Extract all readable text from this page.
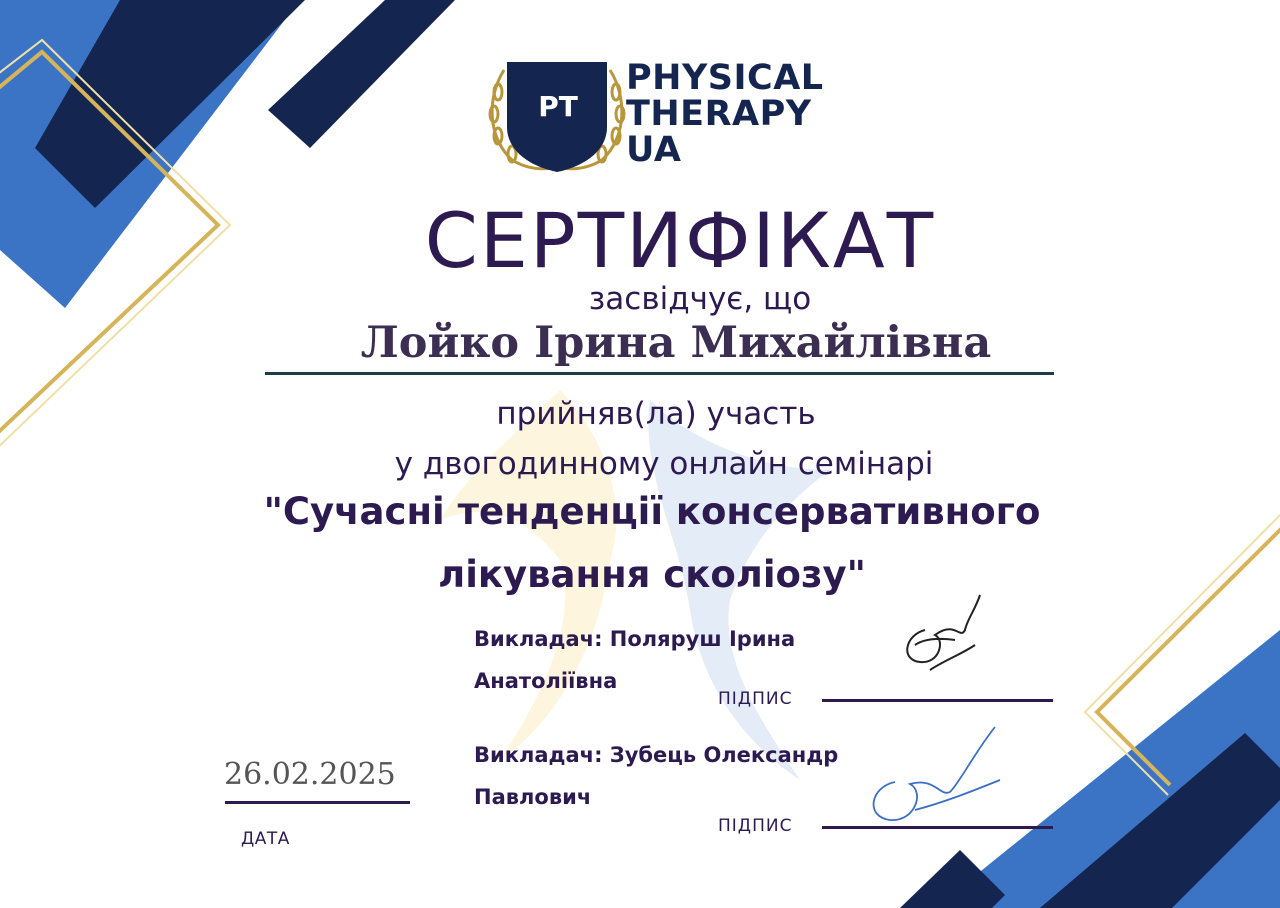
PT
PHYSICAL
THERAPY
UA
СЕРТИФІКАТ
засвідчує, що
Лойко Ірина Михайлівна
прийняв(ла) участь
у двогодинному онлайн семінарі
"Сучасні тенденції консервативного
лікування сколіозу"
Викладач: Поляруш Ірина
Анатоліївна
ПІДПИС
Викладач: Зубець Олександр
Павлович
ПІДПИС
26.02.2025
ДАТА
